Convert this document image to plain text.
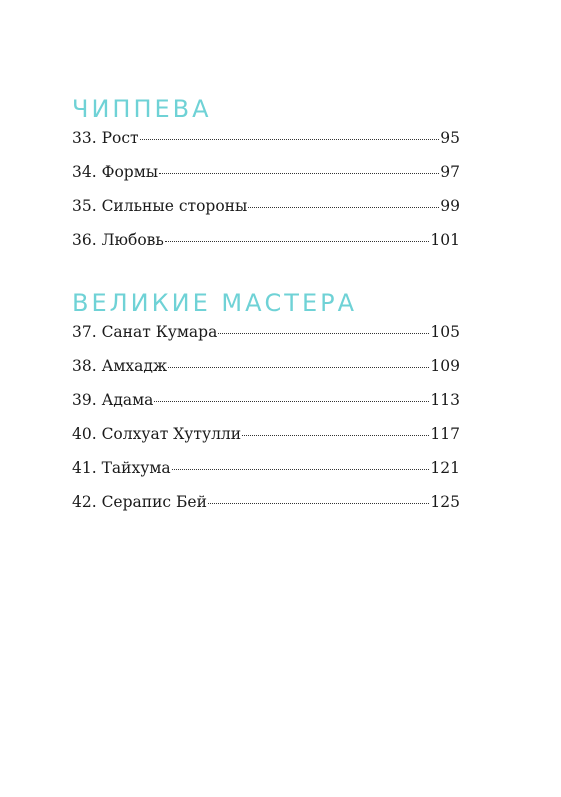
ЧИППЕВА
33. Рост	95
34. Формы	97
35. Сильные стороны	99
36. Любовь	101
ВЕЛИКИЕ МАСТЕРА
37. Санат Кумара	105
38. Амхадж	109
39. Адама	113
40. Солхуат Хутулли	117
41. Тайхума	121
42. Серапис Бей	125
